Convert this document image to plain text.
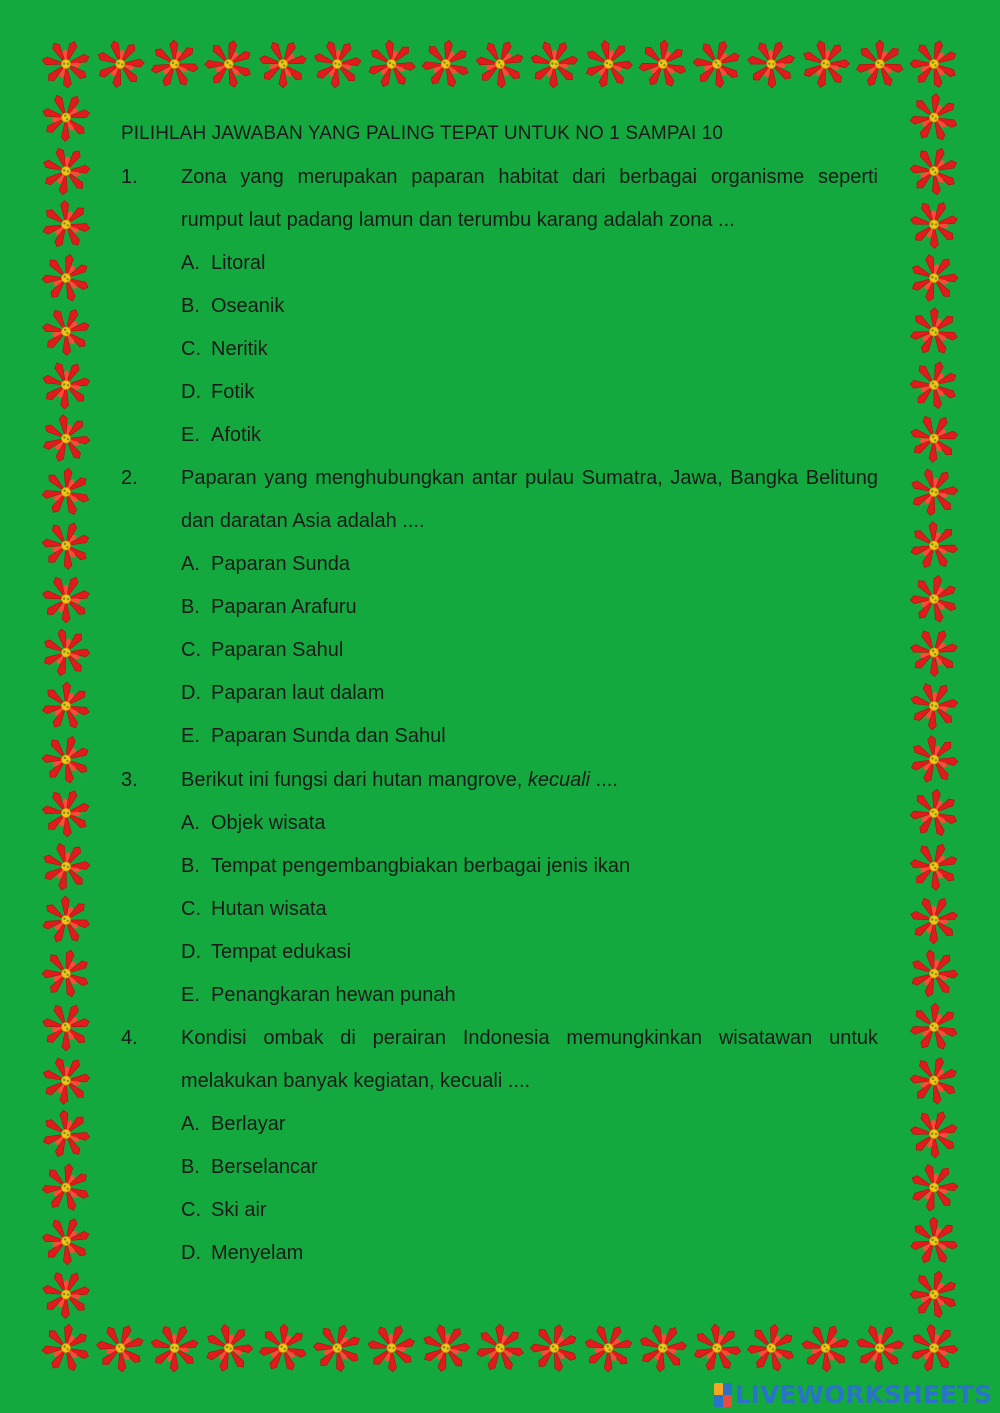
PILIHLAH JAWABAN YANG PALING TEPAT UNTUK NO 1 SAMPAI 10
1. Zona yang merupakan paparan habitat dari berbagai organisme seperti rumput laut padang lamun dan terumbu karang adalah zona ...
A. Litoral
B. Oseanik
C. Neritik
D. Fotik
E. Afotik
2. Paparan yang menghubungkan antar pulau Sumatra, Jawa, Bangka Belitung dan daratan Asia adalah ....
A. Paparan Sunda
B. Paparan Arafuru
C. Paparan Sahul
D. Paparan laut dalam
E. Paparan Sunda dan Sahul
3. Berikut ini fungsi dari hutan mangrove, kecuali ....
A. Objek wisata
B. Tempat pengembangbiakan berbagai jenis ikan
C. Hutan wisata
D. Tempat edukasi
E. Penangkaran hewan punah
4. Kondisi ombak di perairan Indonesia memungkinkan wisatawan untuk melakukan banyak kegiatan, kecuali ....
A. Berlayar
B. Berselancar
C. Ski air
D. Menyelam
LIVEWORKSHEETS
